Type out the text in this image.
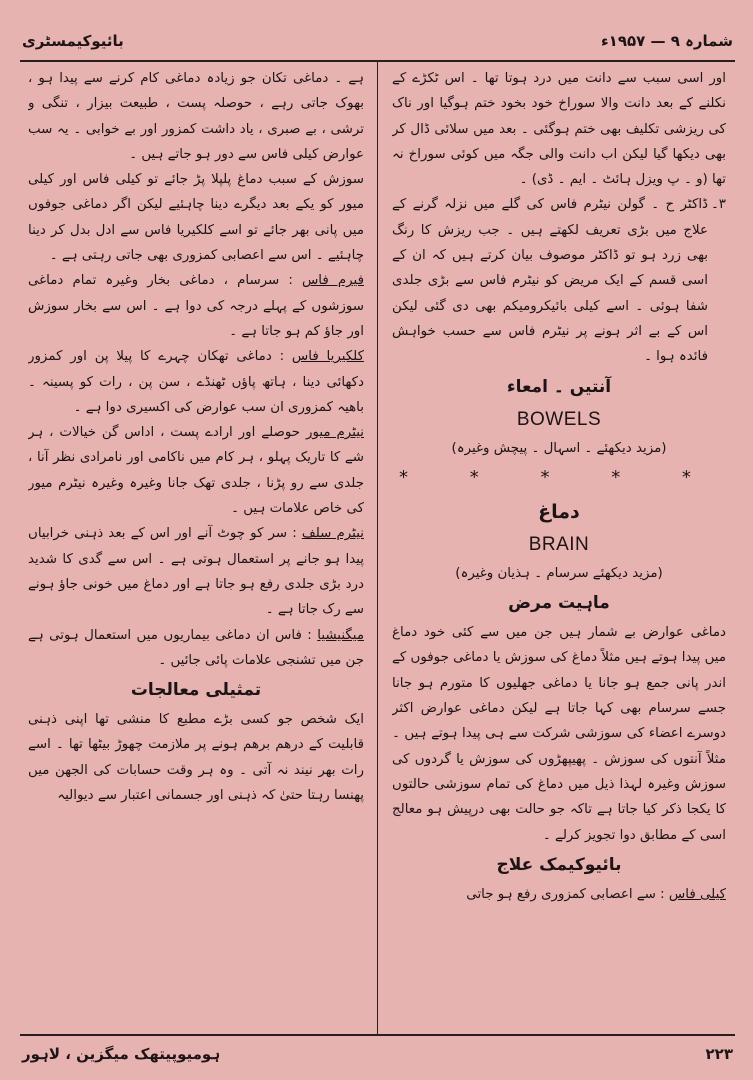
شمارہ ۹ — ۱۹۵۷ء
بائیوکیمسٹری

اور اسی سبب سے دانت میں درد ہوتا تھا ۔ اس ٹکڑے کے نکلنے کے بعد دانت والا سوراخ خود بخود ختم ہوگیا اور ناک کی ریزشی تکلیف بھی ختم ہوگئی ۔ بعد میں سلائی ڈال کر بھی دیکھا گیا لیکن اب دانت والی جگہ میں کوئی سوراخ نہ تھا (و ۔ پ ویزل ہائٹ ۔ ایم ۔ ڈی) ۔

۳۔

ڈاکٹر ح ۔ گولن نیٹرم فاس کی گلے میں نزلہ گرنے کے علاج میں بڑی تعریف لکھتے ہیں ۔ جب ریزش کا رنگ بھی زرد ہو تو ڈاکٹر موصوف بیان کرتے ہیں کہ ان کے اسی قسم کے ایک مریض کو نیٹرم فاس سے بڑی جلدی شفا ہوئی ۔ اسے کیلی بائیکرومیکم بھی دی گئی لیکن اس کے بے اثر ہونے پر نیٹرم فاس سے حسب خواہش فائدہ ہوا ۔

آنتیں ۔ امعاء
BOWELS
(مزید دیکھئے ۔ اسہال ۔ پیچش وغیرہ)
* * * * *
دماغ
BRAIN
(مزید دیکھئے سرسام ۔ ہذیان وغیرہ)
ماہیت مرض

دماغی عوارض بے شمار ہیں جن میں سے کئی خود دماغ میں پیدا ہوتے ہیں مثلاً دماغ کی سوزش یا دماغی جوفوں کے اندر پانی جمع ہو جانا یا دماغی جھلیوں کا متورم ہو جانا جسے سرسام بھی کہا جاتا ہے لیکن دماغی عوارض اکثر دوسرے اعضاء کی سوزشی شرکت سے ہی پیدا ہوتے ہیں ۔ مثلاً آنتوں کی سوزش ۔ پھیپھڑوں کی سوزش یا گردوں کی سوزش وغیرہ لہذا ذیل میں دماغ کی تمام سوزشی حالتوں کا یکجا ذکر کیا جاتا ہے تاکہ جو حالت بھی درپیش ہو معالج اسی کے مطابق دوا تجویز کرلے ۔

بائیوکیمک علاج

کیلی فاس : سے اعصابی کمزوری رفع ہو جاتی

ہے ۔ دماغی تکان جو زیادہ دماغی کام کرنے سے پیدا ہو ، بھوک جاتی رہے ، حوصلہ پست ، طبیعت بیزار ، تنگی و ترشی ، بے صبری ، یاد داشت کمزور اور بے خوابی ۔ یہ سب عوارض کیلی فاس سے دور ہو جاتے ہیں ۔

سوزش کے سبب دماغ پلپلا پڑ جائے تو کیلی فاس اور کیلی میور کو یکے بعد دیگرے دینا چاہئیے لیکن اگر دماغی جوفوں میں پانی بھر جائے تو اسے کلکیریا فاس سے ادل بدل کر دینا چاہئیے ۔ اس سے اعصابی کمزوری بھی جاتی رہتی ہے ۔

فیرم فاس : سرسام ، دماغی بخار وغیرہ تمام دماغی سوزشوں کے پہلے درجہ کی دوا ہے ۔ اس سے بخار سوزش اور جاؤ کم ہو جاتا ہے ۔

کلکیریا فاس : دماغی تھکان چہرے کا پیلا پن اور کمزور دکھائی دینا ، ہاتھ پاؤں ٹھنڈے ، سن پن ، رات کو پسینہ ۔ باھیہ کمزوری ان سب عوارض کی اکسیری دوا ہے ۔

نیٹرم میور حوصلے اور ارادے پست ، اداس گن خیالات ، ہر شے کا تاریک پہلو ، ہر کام میں ناکامی اور نامرادی نظر آنا ، جلدی سے رو پڑنا ، جلدی تھک جانا وغیرہ وغیرہ نیٹرم میور کی خاص علامات ہیں ۔

نیٹرم سلف : سر کو چوٹ آنے اور اس کے بعد ذہنی خرابیاں پیدا ہو جانے پر استعمال ہوتی ہے ۔ اس سے گدی کا شدید درد بڑی جلدی رفع ہو جاتا ہے اور دماغ میں خونی جاؤ ہونے سے رک جاتا ہے ۔

میگنیشیا : فاس ان دماغی بیماریوں میں استعمال ہوتی ہے جن میں تشنجی علامات پائی جائیں ۔

تمثیلی معالجات

ایک شخص جو کسی بڑے مطبع کا منشی تھا اپنی ذہنی قابلیت کے درھم برھم ہونے پر ملازمت چھوڑ بیٹھا تھا ۔ اسے رات بھر نیند نہ آتی ۔ وہ ہر وقت حسابات کی الجھن میں پھنسا رہتا حتیٰ کہ ذہنی اور جسمانی اعتبار سے دیوالیہ

۲۲۳
ہومیوپیتھک میگزین ، لاہور
